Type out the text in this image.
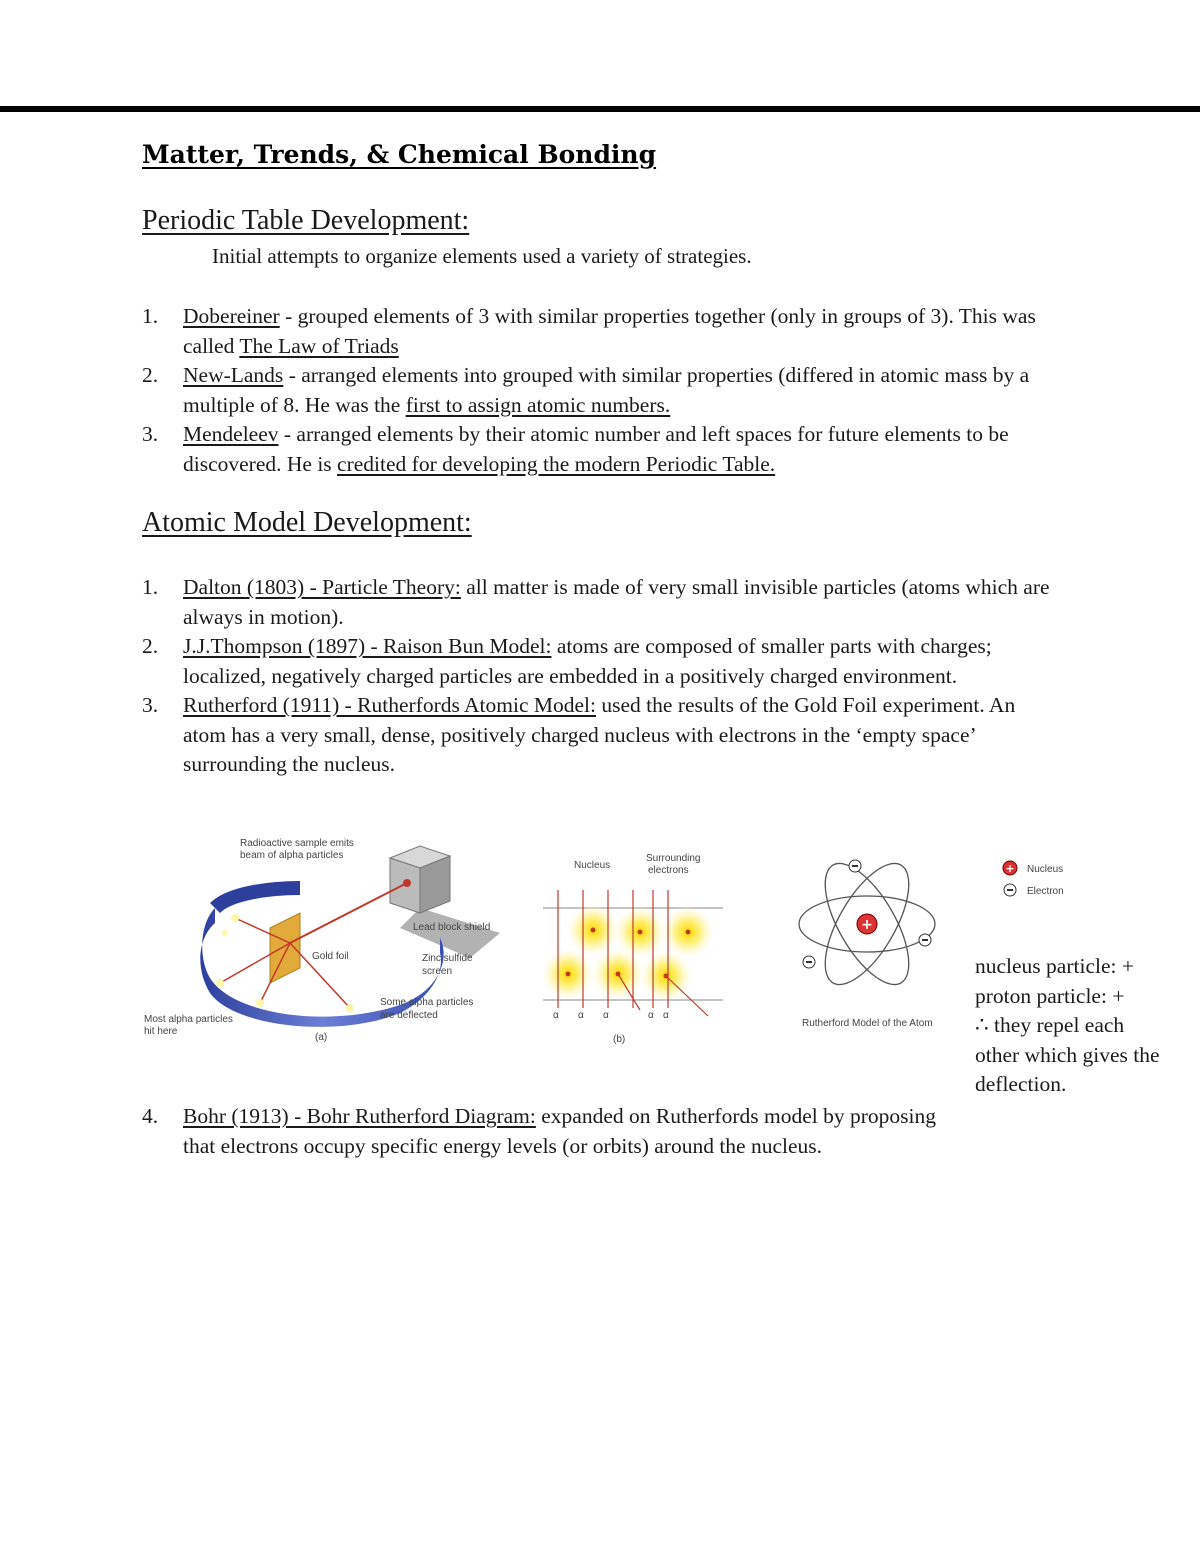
Matter, Trends, & Chemical Bonding
Periodic Table Development:

Initial attempts to organize elements used a variety of strategies.

1. Dobereiner - grouped elements of 3 with similar properties together (only in groups of 3). This was called The Law of Triads
2. New-Lands - arranged elements into grouped with similar properties (differed in atomic mass by a multiple of 8. He was the first to assign atomic numbers.
3. Mendeleev - arranged elements by their atomic number and left spaces for future elements to be discovered. He is credited for developing the modern Periodic Table.
Atomic Model Development:
1. Dalton (1803) - Particle Theory: all matter is made of very small invisible particles (atoms which are always in motion).
2. J.J.Thompson (1897) - Raison Bun Model: atoms are composed of smaller parts with charges; localized, negatively charged particles are embedded in a positively charged environment.
3. Rutherford (1911) - Rutherfords Atomic Model: used the results of the Gold Foil experiment. An atom has a very small, dense, positively charged nucleus with electrons in the ‘empty space’ surrounding the nucleus.
Radioactive sample emits
beam of alpha particles
Lead block shield
Gold foil	Zinc sulfide
screen
Some alpha particles
are deflected
Most alpha particles
hit here
(a)
Nucleus
Surrounding
electrons
α α α	α α
(b)
+
+ Nucleus
Electron
Rutherford Model of the Atom
nucleus particle: +
proton particle: +
∴ they repel each
other which gives the
deflection.
4. Bohr (1913) - Bohr Rutherford Diagram: expanded on Rutherfords model by proposing that electrons occupy specific energy levels (or orbits) around the nucleus.
